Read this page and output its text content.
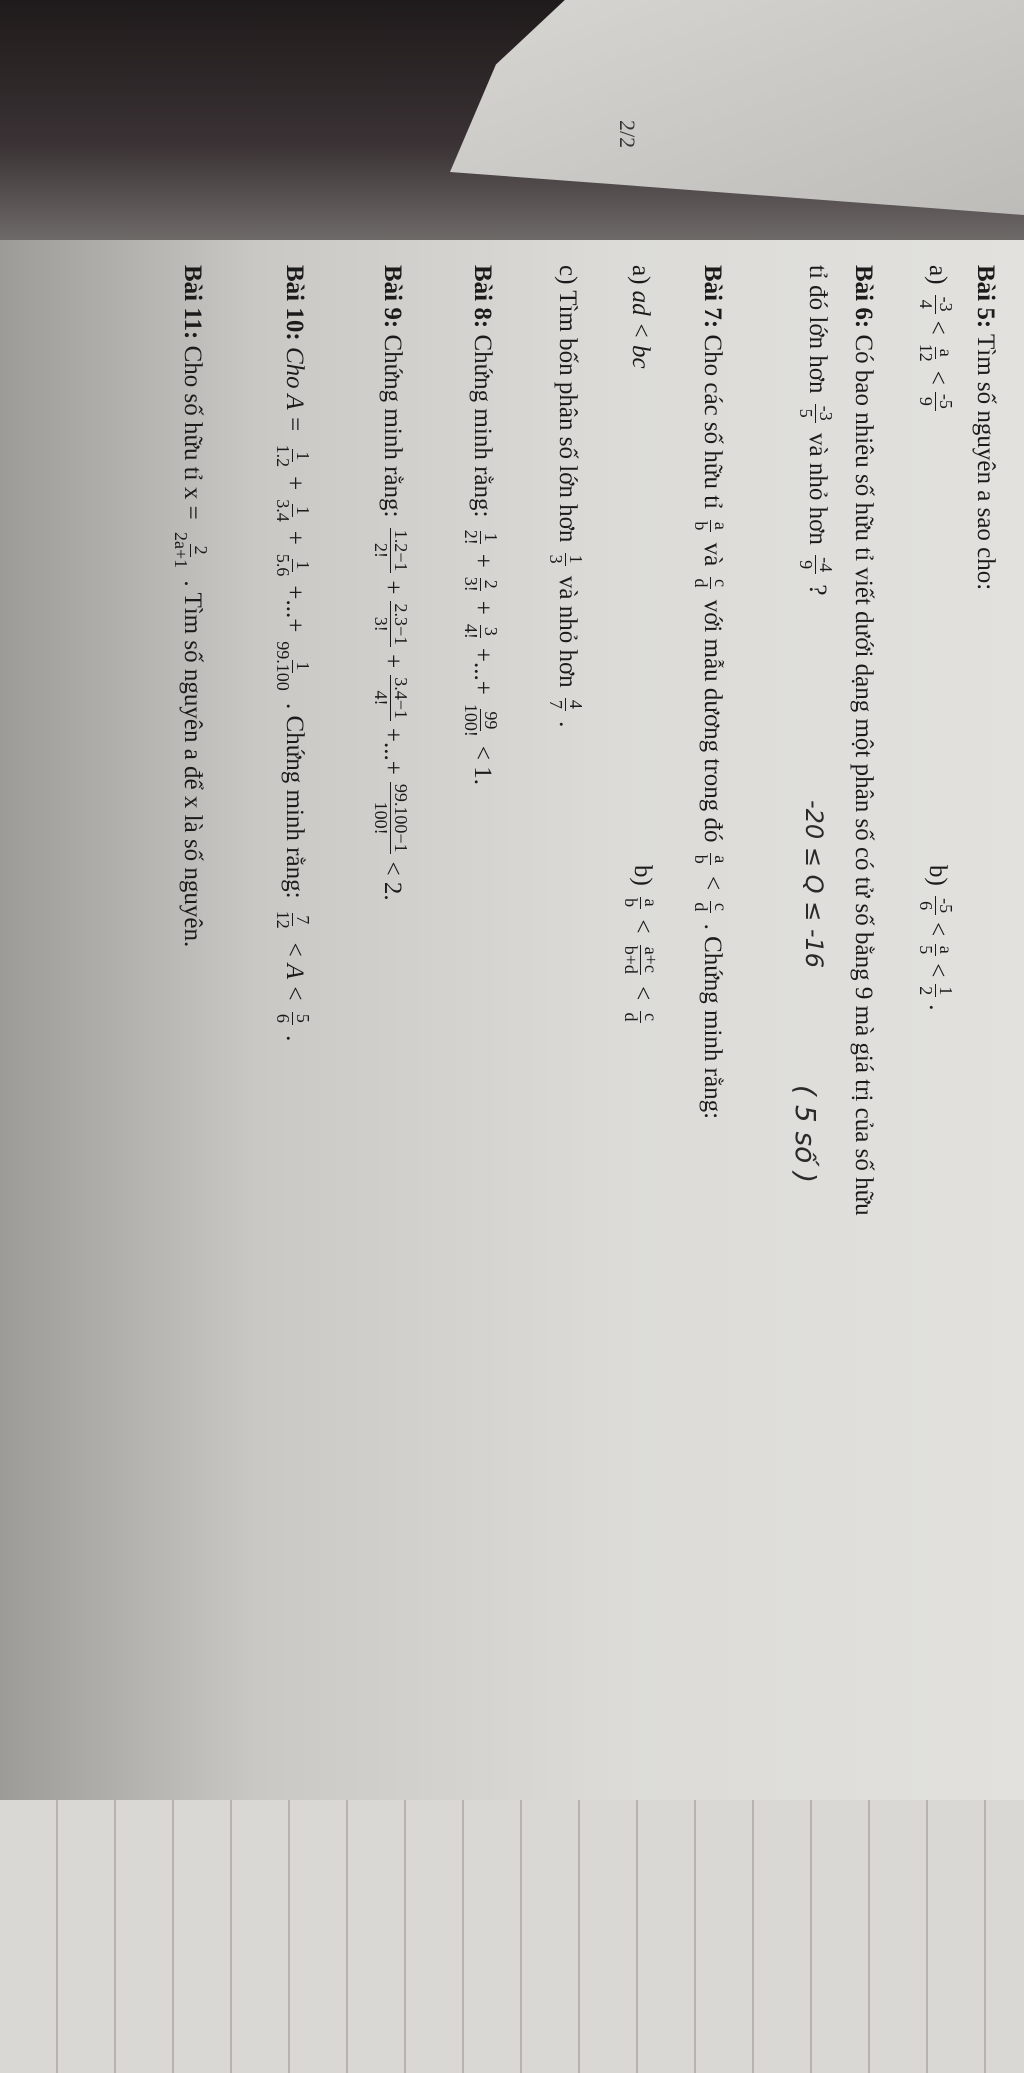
2/2
Bài 5: Tìm số nguyên a sao cho:
a)
-3
4
<
a
12
<
-5
9
b)
-5
6
<
a
5
<
1
2
.
Bài 6: Có bao nhiêu số hữu tỉ viết dưới dạng một phân số có tử số bằng 9 mà giá trị của số hữu
tỉ đó lớn hơn
-3
5
và nhỏ hơn
-4
9
?
-20 ≤ Q ≤ -16
( 5 số )
Bài 7: Cho các số hữu tỉ
a
b
và
c
d
với mẫu dương trong đó
a
b
<
c
d
. Chứng minh rằng:
a) ad < bc
b)
a
b
<
a+c
b+d
<
c
d
c) Tìm bốn phân số lớn hơn
1
3
và nhỏ hơn
4
7
.
Bài 8: Chứng minh rằng:
1
2!
+
2
3!
+
3
4!
+...+
99
100!
< 1.
Bài 9: Chứng minh rằng:
1.2−1
2!
+
2.3−1
3!
+
3.4−1
4!
+...+
99.100−1
100!
< 2.
Bài 10: Cho A =
1
1.2
+
1
3.4
+
1
5.6
+...+
1
99.100
. Chứng minh rằng:
7
12
< A <
5
6
.
Bài 11: Cho số hữu tỉ x =
2
2a+1
. Tìm số nguyên a để x là số nguyên.
